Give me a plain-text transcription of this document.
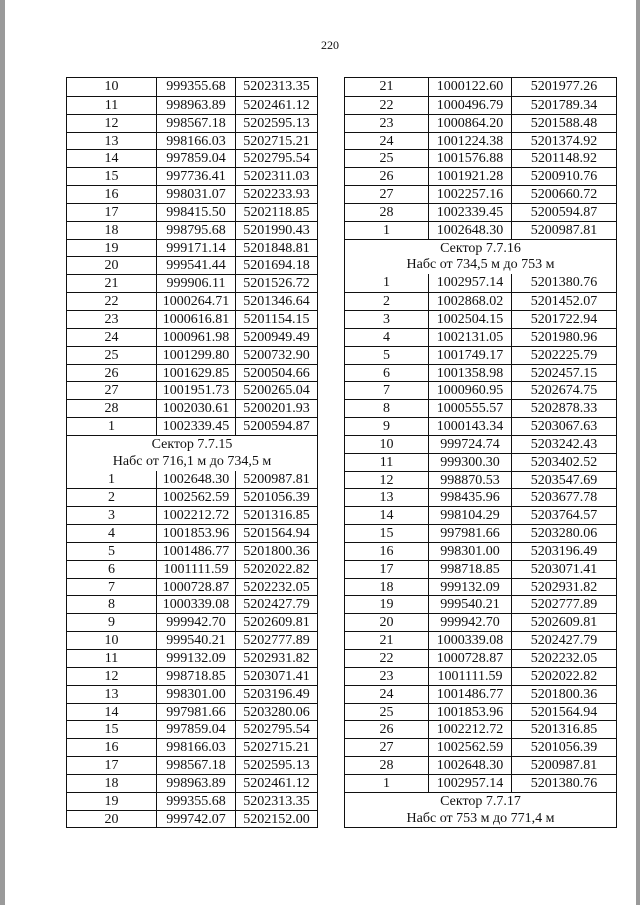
220
10	999355.68	5202313.35
11	998963.89	5202461.12
12	998567.18	5202595.13
13	998166.03	5202715.21
14	997859.04	5202795.54
15	997736.41	5202311.03
16	998031.07	5202233.93
17	998415.50	5202118.85
18	998795.68	5201990.43
19	999171.14	5201848.81
20	999541.44	5201694.18
21	999906.11	5201526.72
22	1000264.71	5201346.64
23	1000616.81	5201154.15
24	1000961.98	5200949.49
25	1001299.80	5200732.90
26	1001629.85	5200504.66
27	1001951.73	5200265.04
28	1002030.61	5200201.93
1	1002339.45	5200594.87
Сектор 7.7.15
Набс от 716,1 м до 734,5 м
1	1002648.30	5200987.81
2	1002562.59	5201056.39
3	1002212.72	5201316.85
4	1001853.96	5201564.94
5	1001486.77	5201800.36
6	1001111.59	5202022.82
7	1000728.87	5202232.05
8	1000339.08	5202427.79
9	999942.70	5202609.81
10	999540.21	5202777.89
11	999132.09	5202931.82
12	998718.85	5203071.41
13	998301.00	5203196.49
14	997981.66	5203280.06
15	997859.04	5202795.54
16	998166.03	5202715.21
17	998567.18	5202595.13
18	998963.89	5202461.12
19	999355.68	5202313.35
20	999742.07	5202152.00
21	1000122.60	5201977.26
22	1000496.79	5201789.34
23	1000864.20	5201588.48
24	1001224.38	5201374.92
25	1001576.88	5201148.92
26	1001921.28	5200910.76
27	1002257.16	5200660.72
28	1002339.45	5200594.87
1	1002648.30	5200987.81
Сектор 7.7.16
Набс от 734,5 м до 753 м
1	1002957.14	5201380.76
2	1002868.02	5201452.07
3	1002504.15	5201722.94
4	1002131.05	5201980.96
5	1001749.17	5202225.79
6	1001358.98	5202457.15
7	1000960.95	5202674.75
8	1000555.57	5202878.33
9	1000143.34	5203067.63
10	999724.74	5203242.43
11	999300.30	5203402.52
12	998870.53	5203547.69
13	998435.96	5203677.78
14	998104.29	5203764.57
15	997981.66	5203280.06
16	998301.00	5203196.49
17	998718.85	5203071.41
18	999132.09	5202931.82
19	999540.21	5202777.89
20	999942.70	5202609.81
21	1000339.08	5202427.79
22	1000728.87	5202232.05
23	1001111.59	5202022.82
24	1001486.77	5201800.36
25	1001853.96	5201564.94
26	1002212.72	5201316.85
27	1002562.59	5201056.39
28	1002648.30	5200987.81
1	1002957.14	5201380.76
Сектор 7.7.17
Набс от 753 м до 771,4 м
